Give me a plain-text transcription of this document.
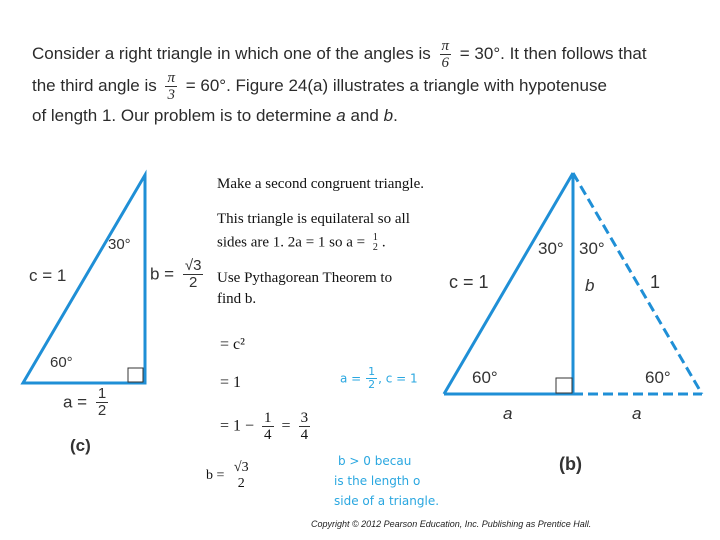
Consider a right triangle in which one of the angles is $\frac{\pi}{6} = 30^\circ$. It then follows that
the third angle is $\frac{\pi}{3} = 60^\circ$. Figure 24(a) illustrates a triangle with hypotenuse
of length 1. Our problem is to determine a and b.
30°
c = 1	$b = \frac{√3}{2}$
60°
$a = \frac{1}{2}$
(c)
Make a second congruent triangle.
This triangle is equilateral so all
sides are 1. 2a = 1 so a = 1
2 .
Use Pythagorean Theorem to
find b.
= c²
= 1
= $1 - \frac{1}{4} = \frac{3}{4}$
b =
√3
2
$a = \frac{1}{2}$ , c = 1
b > 0 becau
is the length o
side of a triangle.
30° 30°
c = 1	b	1
60°	60°
a	a
(b)
Copyright © 2012 Pearson Education, Inc. Publishing as Prentice Hall.
